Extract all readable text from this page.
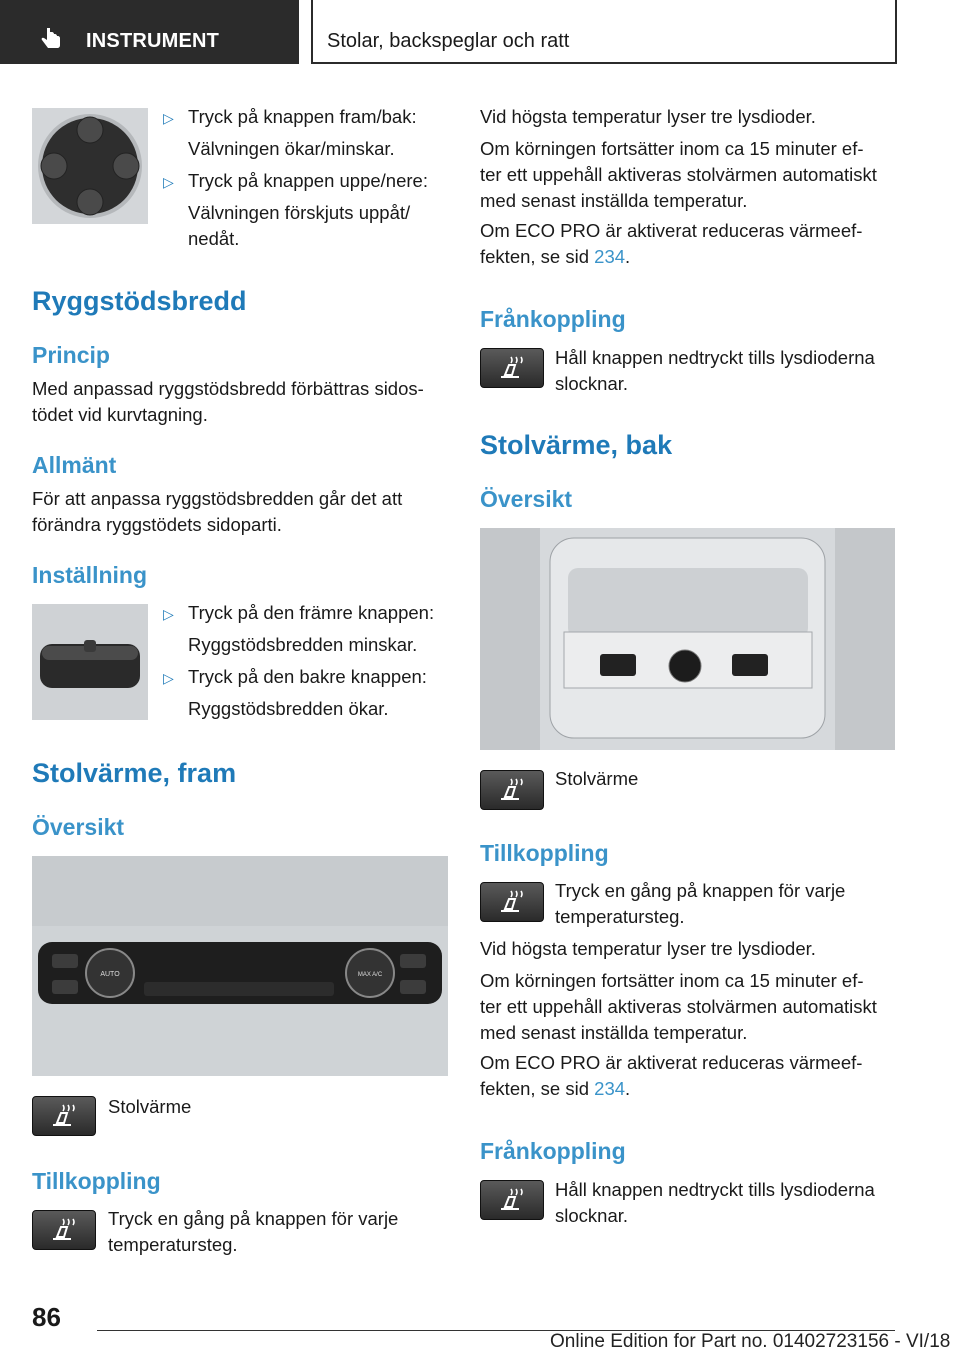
INSTRUMENT	Stolar, backspeglar och ratt
▷ Tryck på knappen fram/bak:
Välvningen ökar/minskar.
▷ Tryck på knappen uppe/nere:
Välvningen förskjuts uppåt/
nedåt.
Ryggstödsbredd
Princip
Med anpassad ryggstödsbredd förbättras sidos-
tödet vid kurvtagning.
Allmänt
För att anpassa ryggstödsbredden går det att
förändra ryggstödets sidoparti.
Inställning
▷ Tryck på den främre knappen:
Ryggstödsbredden minskar.
▷ Tryck på den bakre knappen:
Ryggstödsbredden ökar.
Stolvärme, fram
Översikt
AUTO	MAX A/C
Stolvärme
Tillkoppling
Tryck en gång på knappen för varje
temperatursteg.
Vid högsta temperatur lyser tre lysdioder.
Om körningen fortsätter inom ca 15 minuter ef-
ter ett uppehåll aktiveras stolvärmen automatiskt
med senast inställda temperatur.
Om ECO PRO är aktiverat reduceras värmeef-
fekten, se sid 234.
Frånkoppling
Håll knappen nedtryckt tills lysdioderna
slocknar.
Stolvärme, bak
Översikt
Stolvärme
Tillkoppling
Tryck en gång på knappen för varje
temperatursteg.
Vid högsta temperatur lyser tre lysdioder.
Om körningen fortsätter inom ca 15 minuter ef-
ter ett uppehåll aktiveras stolvärmen automatiskt
med senast inställda temperatur.
Om ECO PRO är aktiverat reduceras värmeef-
fekten, se sid 234.
Frånkoppling
Håll knappen nedtryckt tills lysdioderna
slocknar.
86
Online Edition for Part no. 01402723156 - VI/18
